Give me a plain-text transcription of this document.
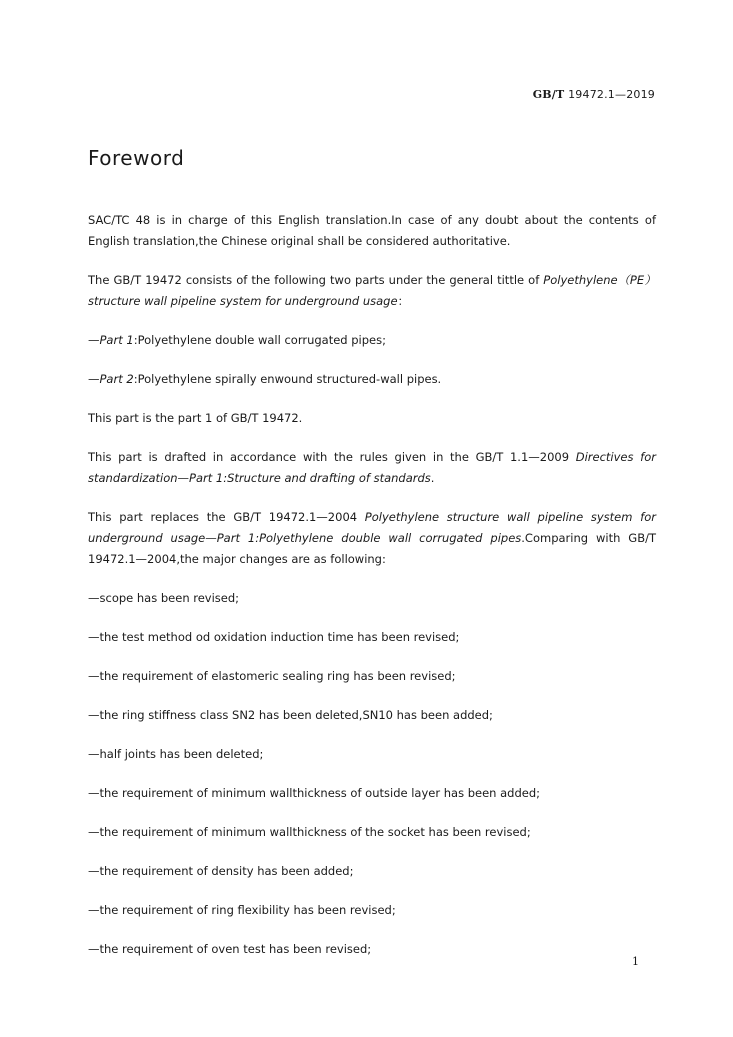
GB/T 19472.1—2019
Foreword

SAC/TC 48 is in charge of this English translation.In case of any doubt about the contents of English translation,the Chinese original shall be considered authoritative.

The GB/T 19472 consists of the following two parts under the general tittle of Polyethylene（PE） structure wall pipeline system for underground usage：

—Part 1:Polyethylene double wall corrugated pipes;

—Part 2:Polyethylene spirally enwound structured-wall pipes.

This part is the part 1 of GB/T 19472.

This part is drafted in accordance with the rules given in the GB/T 1.1—2009 Directives for standardization—Part 1:Structure and drafting of standards.

This part replaces the GB/T 19472.1—2004 Polyethylene structure wall pipeline system for underground usage—Part 1:Polyethylene double wall corrugated pipes.Comparing with GB/T 19472.1—2004,the major changes are as following:

—scope has been revised;

—the test method od oxidation induction time has been revised;

—the requirement of elastomeric sealing ring has been revised;

—the ring stiffness class SN2 has been deleted,SN10 has been added;

—half joints has been deleted;

—the requirement of minimum wallthickness of outside layer has been added;

—the requirement of minimum wallthickness of the socket has been revised;

—the requirement of density has been added;

—the requirement of ring flexibility has been revised;

—the requirement of oven test has been revised;

1
